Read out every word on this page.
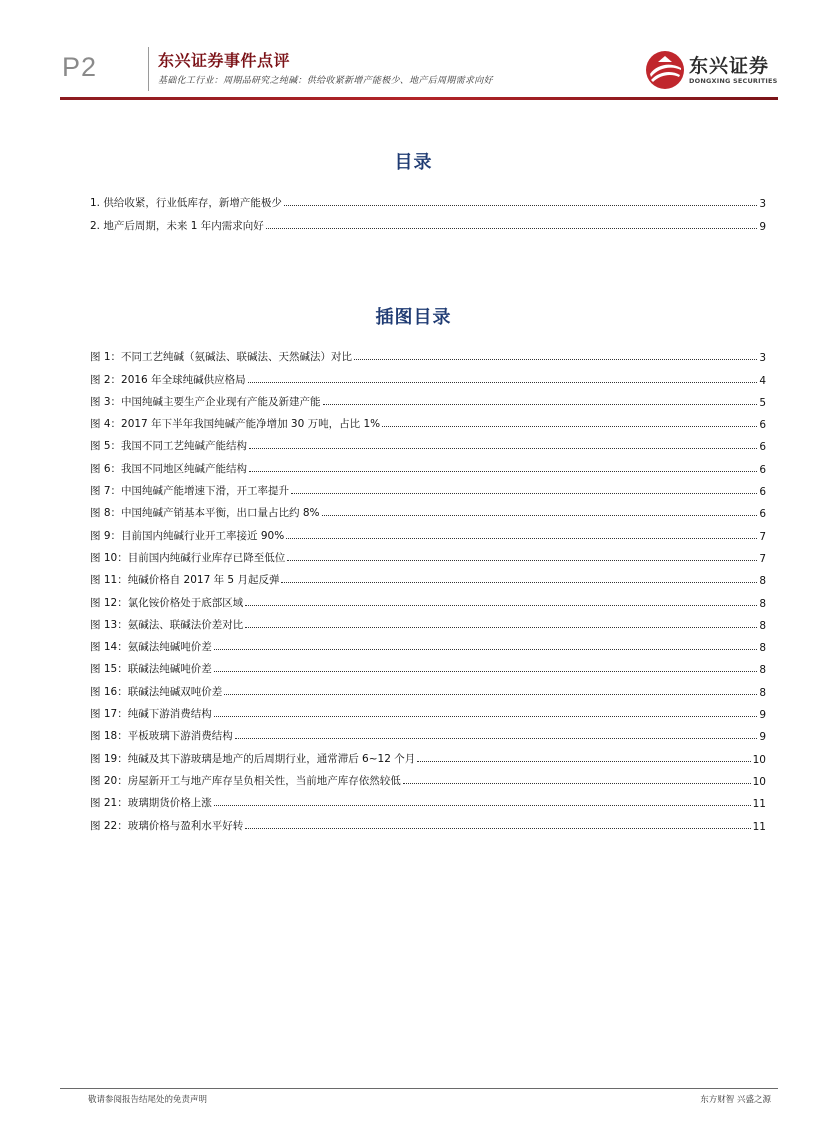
P2	东兴证券事件点评
基础化工行业：周期品研究之纯碱：供给收紧新增产能极少、地产后周期需求向好
东兴证券
DONGXING SECURITIES
目录
1. 供给收紧，行业低库存，新增产能极少	3
2. 地产后周期，未来 1 年内需求向好	9
插图目录
图 1：不同工艺纯碱（氨碱法、联碱法、天然碱法）对比	3
图 2：2016 年全球纯碱供应格局	4
图 3：中国纯碱主要生产企业现有产能及新建产能	5
图 4：2017 年下半年我国纯碱产能净增加 30 万吨，占比 1%	6
图 5：我国不同工艺纯碱产能结构	6
图 6：我国不同地区纯碱产能结构	6
图 7：中国纯碱产能增速下滑，开工率提升	6
图 8：中国纯碱产销基本平衡，出口量占比约 8%	6
图 9：目前国内纯碱行业开工率接近 90%	7
图 10：目前国内纯碱行业库存已降至低位	7
图 11：纯碱价格自 2017 年 5 月起反弹	8
图 12：氯化铵价格处于底部区域	8
图 13：氨碱法、联碱法价差对比	8
图 14：氨碱法纯碱吨价差	8
图 15：联碱法纯碱吨价差	8
图 16：联碱法纯碱双吨价差	8
图 17：纯碱下游消费结构	9
图 18：平板玻璃下游消费结构	9
图 19：纯碱及其下游玻璃是地产的后周期行业，通常滞后 6~12 个月	10
图 20：房屋新开工与地产库存呈负相关性，当前地产库存依然较低	10
图 21：玻璃期货价格上涨	11
图 22：玻璃价格与盈利水平好转	11
敬请参阅报告结尾处的免责声明	东方财智 兴盛之源
